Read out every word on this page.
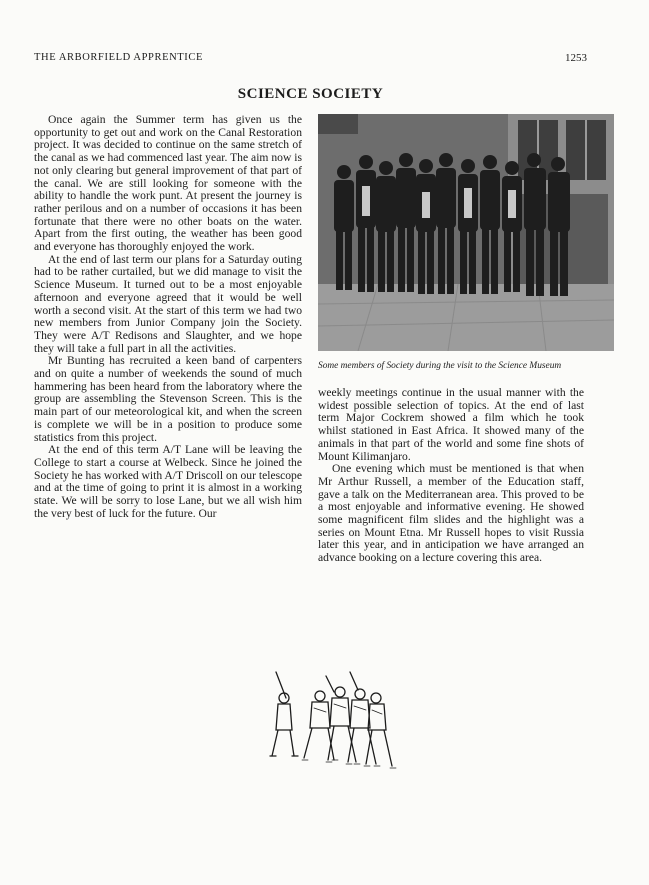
THE ARBORFIELD APPRENTICE	1253
SCIENCE SOCIETY

Once again the Summer term has given us the opportunity to get out and work on the Canal Restoration project. It was decided to continue on the same stretch of the canal as we had commenced last year. The aim now is not only clearing but general improvement of that part of the canal. We are still looking for someone with the ability to handle the work punt. At present the journey is rather perilous and on a number of occasions it has been fortunate that there were no other boats on the water. Apart from the first outing, the weather has been good and everyone has thoroughly enjoyed the work.

At the end of last term our plans for a Saturday outing had to be rather curtailed, but we did manage to visit the Science Museum. It turned out to be a most enjoyable afternoon and everyone agreed that it would be well worth a second visit. At the start of this term we had two new members from Junior Company join the Society. They were A/T Redisons and Slaughter, and we hope they will take a full part in all the activities.

Mr Bunting has recruited a keen band of carpenters and on quite a number of weekends the sound of much hammering has been heard from the laboratory where the group are assembling the Stevenson Screen. This is the main part of our meteorological kit, and when the screen is complete we will be in a position to produce some statistics from this project.

At the end of this term A/T Lane will be leaving the College to start a course at Welbeck. Since he joined the Society he has worked with A/T Driscoll on our telescope and at the time of going to print it is almost in a working state. We will be sorry to lose Lane, but we all wish him the very best of luck for the future. Our

Some members of Society during the visit to the Science Museum

weekly meetings continue in the usual manner with the widest possible selection of topics. At the end of last term Major Cockrem showed a film which he took whilst stationed in East Africa. It showed many of the animals in that part of the world and some fine shots of Mount Kilimanjaro.

One evening which must be mentioned is that when Mr Arthur Russell, a member of the Education staff, gave a talk on the Mediterranean area. This proved to be a most enjoyable and informative evening. He showed some magnificent film slides and the highlight was a series on Mount Etna. Mr Russell hopes to visit Russia later this year, and in anticipation we have arranged an advance booking on a lecture covering this area.
